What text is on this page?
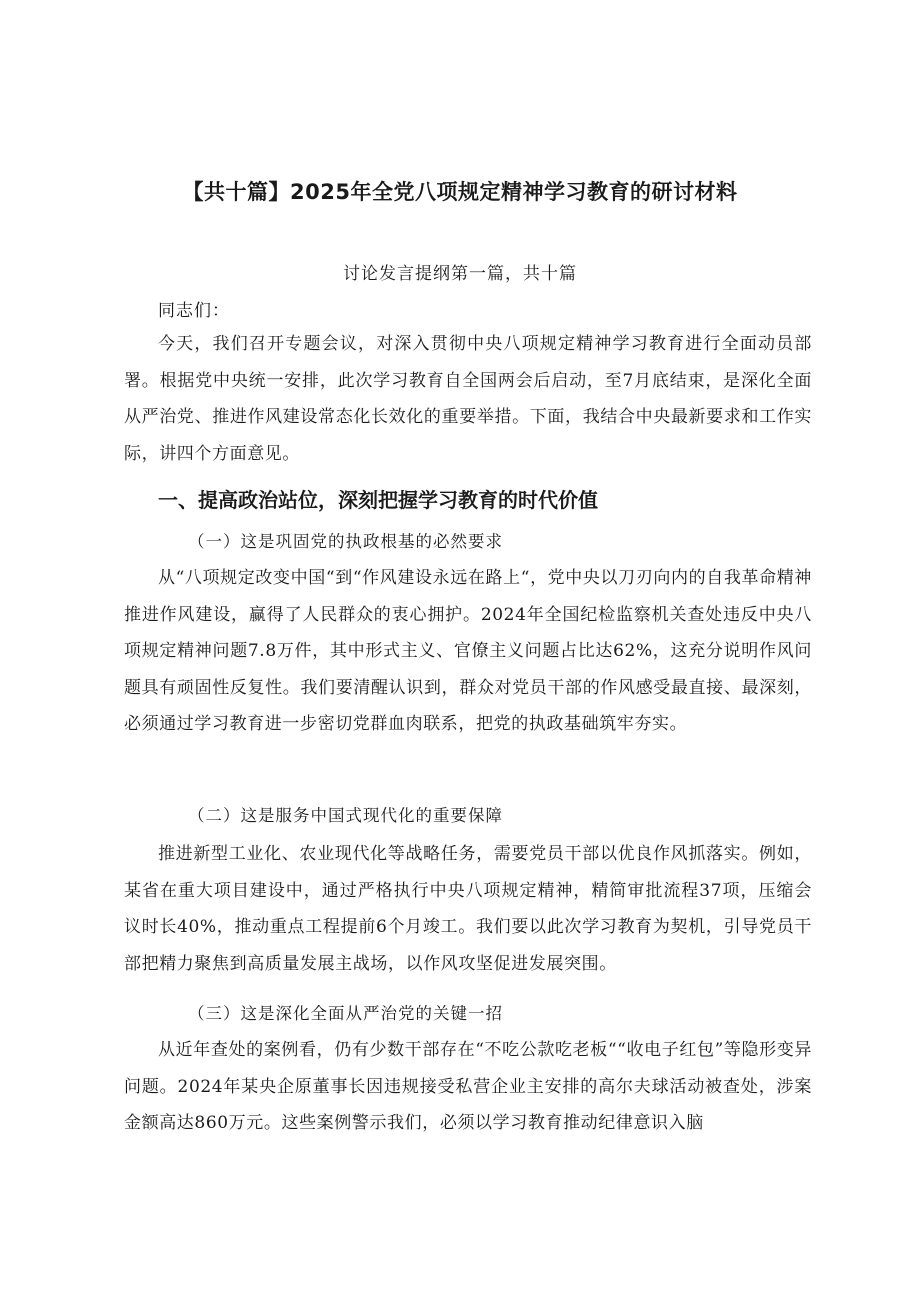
【共十篇】2025年全党八项规定精神学习教育的研讨材料
讨论发言提纲第一篇，共十篇
同志们：

今天，我们召开专题会议，对深入贯彻中央八项规定精神学习教育进行全面动员部署。根据党中央统一安排，此次学习教育自全国两会后启动，至7月底结束，是深化全面从严治党、推进作风建设常态化长效化的重要举措。下面，我结合中央最新要求和工作实际，讲四个方面意见。

一、提高政治站位，深刻把握学习教育的时代价值
（一）这是巩固党的执政根基的必然要求

从“八项规定改变中国“到“作风建设永远在路上“，党中央以刀刃向内的自我革命精神推进作风建设，赢得了人民群众的衷心拥护。2024年全国纪检监察机关查处违反中央八项规定精神问题7.8万件，其中形式主义、官僚主义问题占比达62%，这充分说明作风问题具有顽固性反复性。我们要清醒认识到，群众对党员干部的作风感受最直接、最深刻，必须通过学习教育进一步密切党群血肉联系，把党的执政基础筑牢夯实。

（二）这是服务中国式现代化的重要保障

推进新型工业化、农业现代化等战略任务，需要党员干部以优良作风抓落实。例如，某省在重大项目建设中，通过严格执行中央八项规定精神，精简审批流程37项，压缩会议时长40%，推动重点工程提前6个月竣工。我们要以此次学习教育为契机，引导党员干部把精力聚焦到高质量发展主战场，以作风攻坚促进发展突围。

（三）这是深化全面从严治党的关键一招

从近年查处的案例看，仍有少数干部存在“不吃公款吃老板““收电子红包”等隐形变异问题。2024年某央企原董事长因违规接受私营企业主安排的高尔夫球活动被查处，涉案金额高达860万元。这些案例警示我们，必须以学习教育推动纪律意识入脑
